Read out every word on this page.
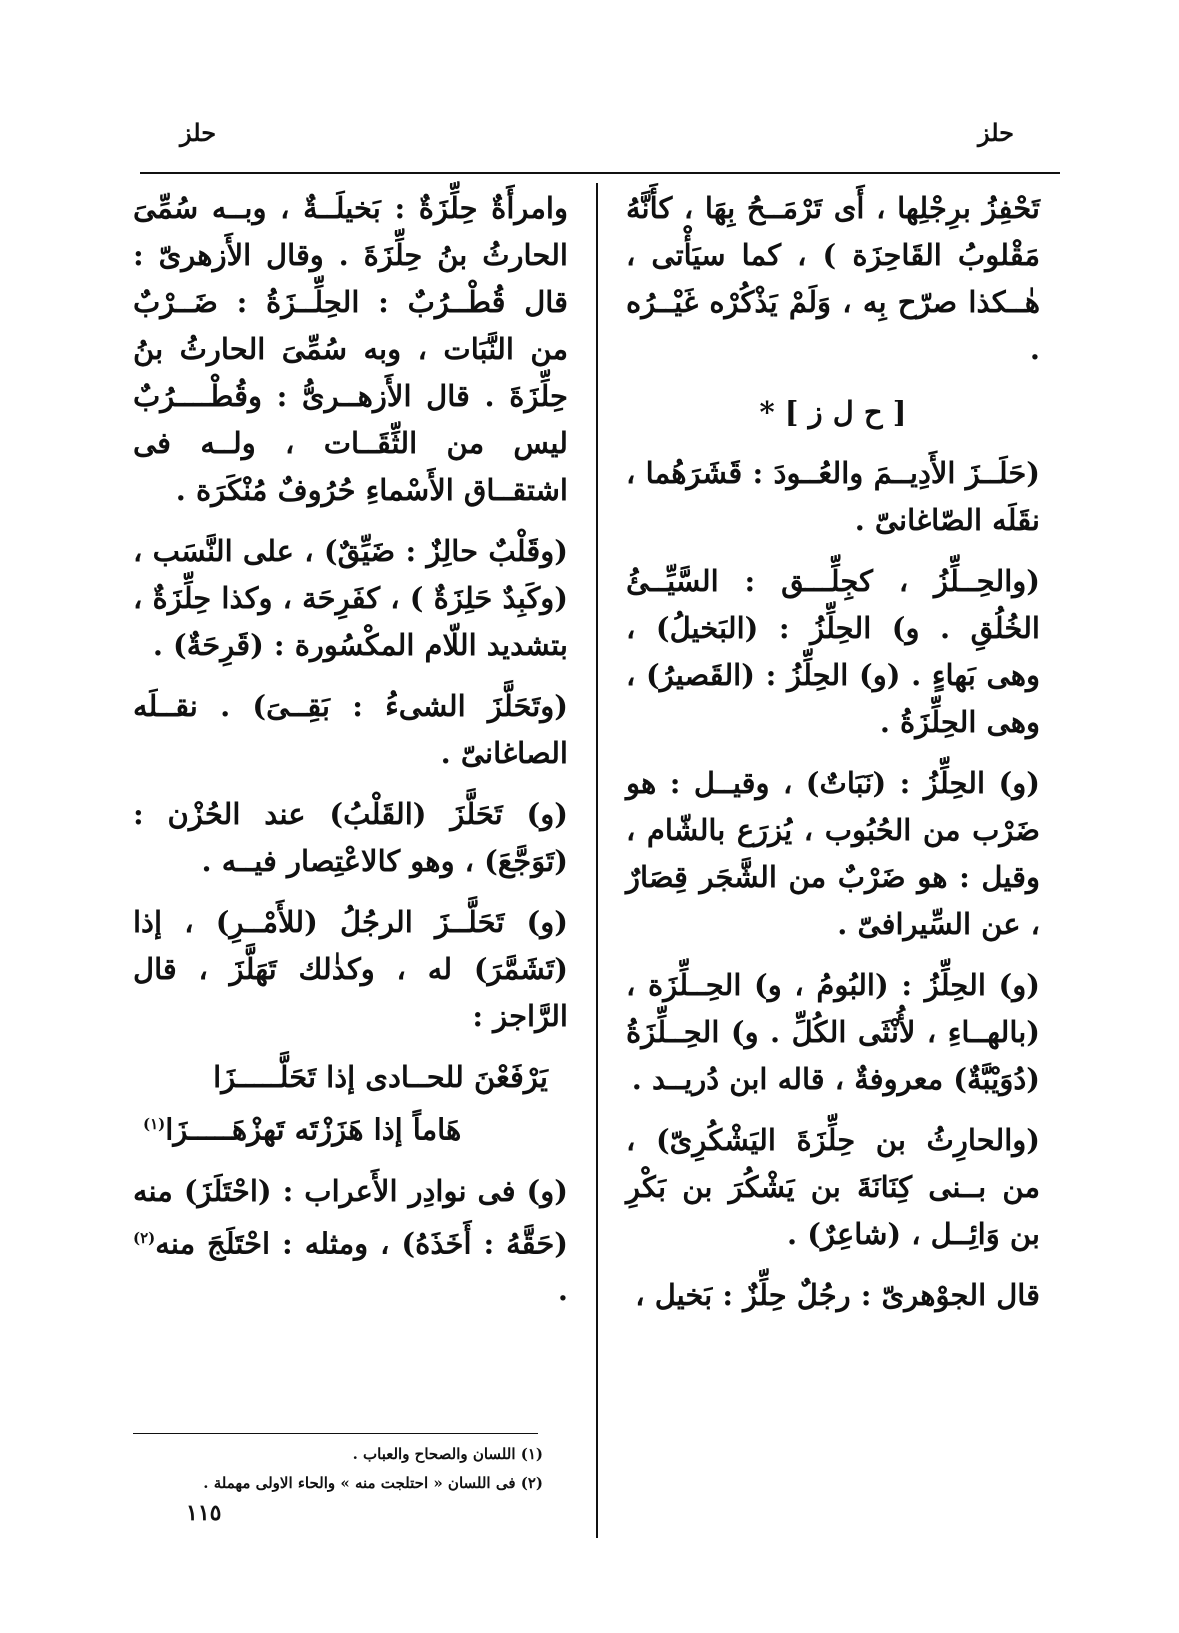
حلز
حلز

تَحْفِزُ برِجْلِها ، أَى تَرْمَــحُ بِهَا ، كأَنَّهُ مَقْلوبُ القَاحِزَة ) ، كما سيَأْتى ، هٰــكذا صرّح بِه ، وَلَمْ يَذْكُرْه غَيْــرُه .

[ ح ل ز ] *

(حَلَــزَ الأَدِيــمَ والعُــودَ : قَشَرَهُما ، نقَلَه الصّاغانىّ .

(والحِــلِّزُ ، كجِلِّـــق : السَّيِّــئُ الخُلُقِ . و) الحِلِّزُ : (البَخيلُ) ، وهى بَهاءٍ . (و) الحِلِّزُ : (القَصيرُ) ، وهى الحِلِّزَةُ .

(و) الحِلِّزُ : (نَبَاتٌ) ، وقيــل : هو ضَرْب من الحُبُوب ، يُزرَع بالشّام ، وقيل : هو ضَرْبٌ من الشَّجَر قِصَارٌ ، عن السِّيرافىّ .

(و) الحِلِّزُ : (البُومُ ، و) الحِــلِّزَة ، (بالهــاءِ ، لأُنْثَى الكُلِّ . و) الحِــلِّزَةُ (دُوَيْبَّةٌ) معروفةٌ ، قاله ابن دُريــد .

(والحارِثُ بن حِلِّزَةَ اليَشْكُرِىّ) ، من بــنى كِنَانَةَ بن يَشْكُرَ بن بَكْرِ بن وَائِــل ، (شاعِرٌ) .

قال الجوْهرىّ : رجُلٌ حِلِّزٌ : بَخيل ،

وامرأَةٌ حِلِّزَةٌ : بَخيلَــةٌ ، وبــه سُمِّىَ الحارثُ بنُ حِلِّزَةَ . وقال الأَزهرىّ : قال قُطْــرُبٌ : الحِلِّــزَةُ : ضَــرْبٌ من النَّبَات ، وبه سُمِّىَ الحارثُ بنُ حِلِّزَةَ . قال الأَزهــرىُّ : وقُطْــــرُبٌ ليس من الثِّقَــات ، ولــه فى اشتقــاق الأَسْماءِ حُرُوفٌ مُنْكَرَة .

(وقَلْبٌ حالِزٌ : ضَيِّقٌ) ، على النَّسَب ، (وكَبِدٌ حَلِزَةٌ ) ، كفَرِحَة ، وكذا حِلِّزَةٌ ، بتشديد اللّام المكْسُورة : (قَرِحَةٌ) .

(وتَحَلَّزَ الشىءُ : بَقِــىَ) . نقــلَه الصاغانىّ .

(و) تَحَلَّزَ (القَلْبُ) عند الحُزْن : (تَوَجَّعَ) ، وهو كالاعْتِصار فيــه .

(و) تَحَلَّــزَ الرجُلُ (للأَمْــرِ) ، إذا (تَشَمَّرَ) له ، وكذٰلك تَهَلَّزَ ، قال الرَّاجز :

يَرْفَعْنَ للحــادى إذا تَحَلَّـــــزَا
هَاماً إذا هَزَزْتَه تَهزْهَـــــزَا$^{(١)}$

(و) فى نوادِر الأَعراب : (احْتَلَزَ) منه (حَقَّهُ : أَخَذَهُ) ، ومثله : احْتَلَجَ منه$^{(٢)}$ .

(١) اللسان والصحاح والعباب .
(٢) فى اللسان « احتلجت منه » والحاء الاولى مهملة .
١١٥
